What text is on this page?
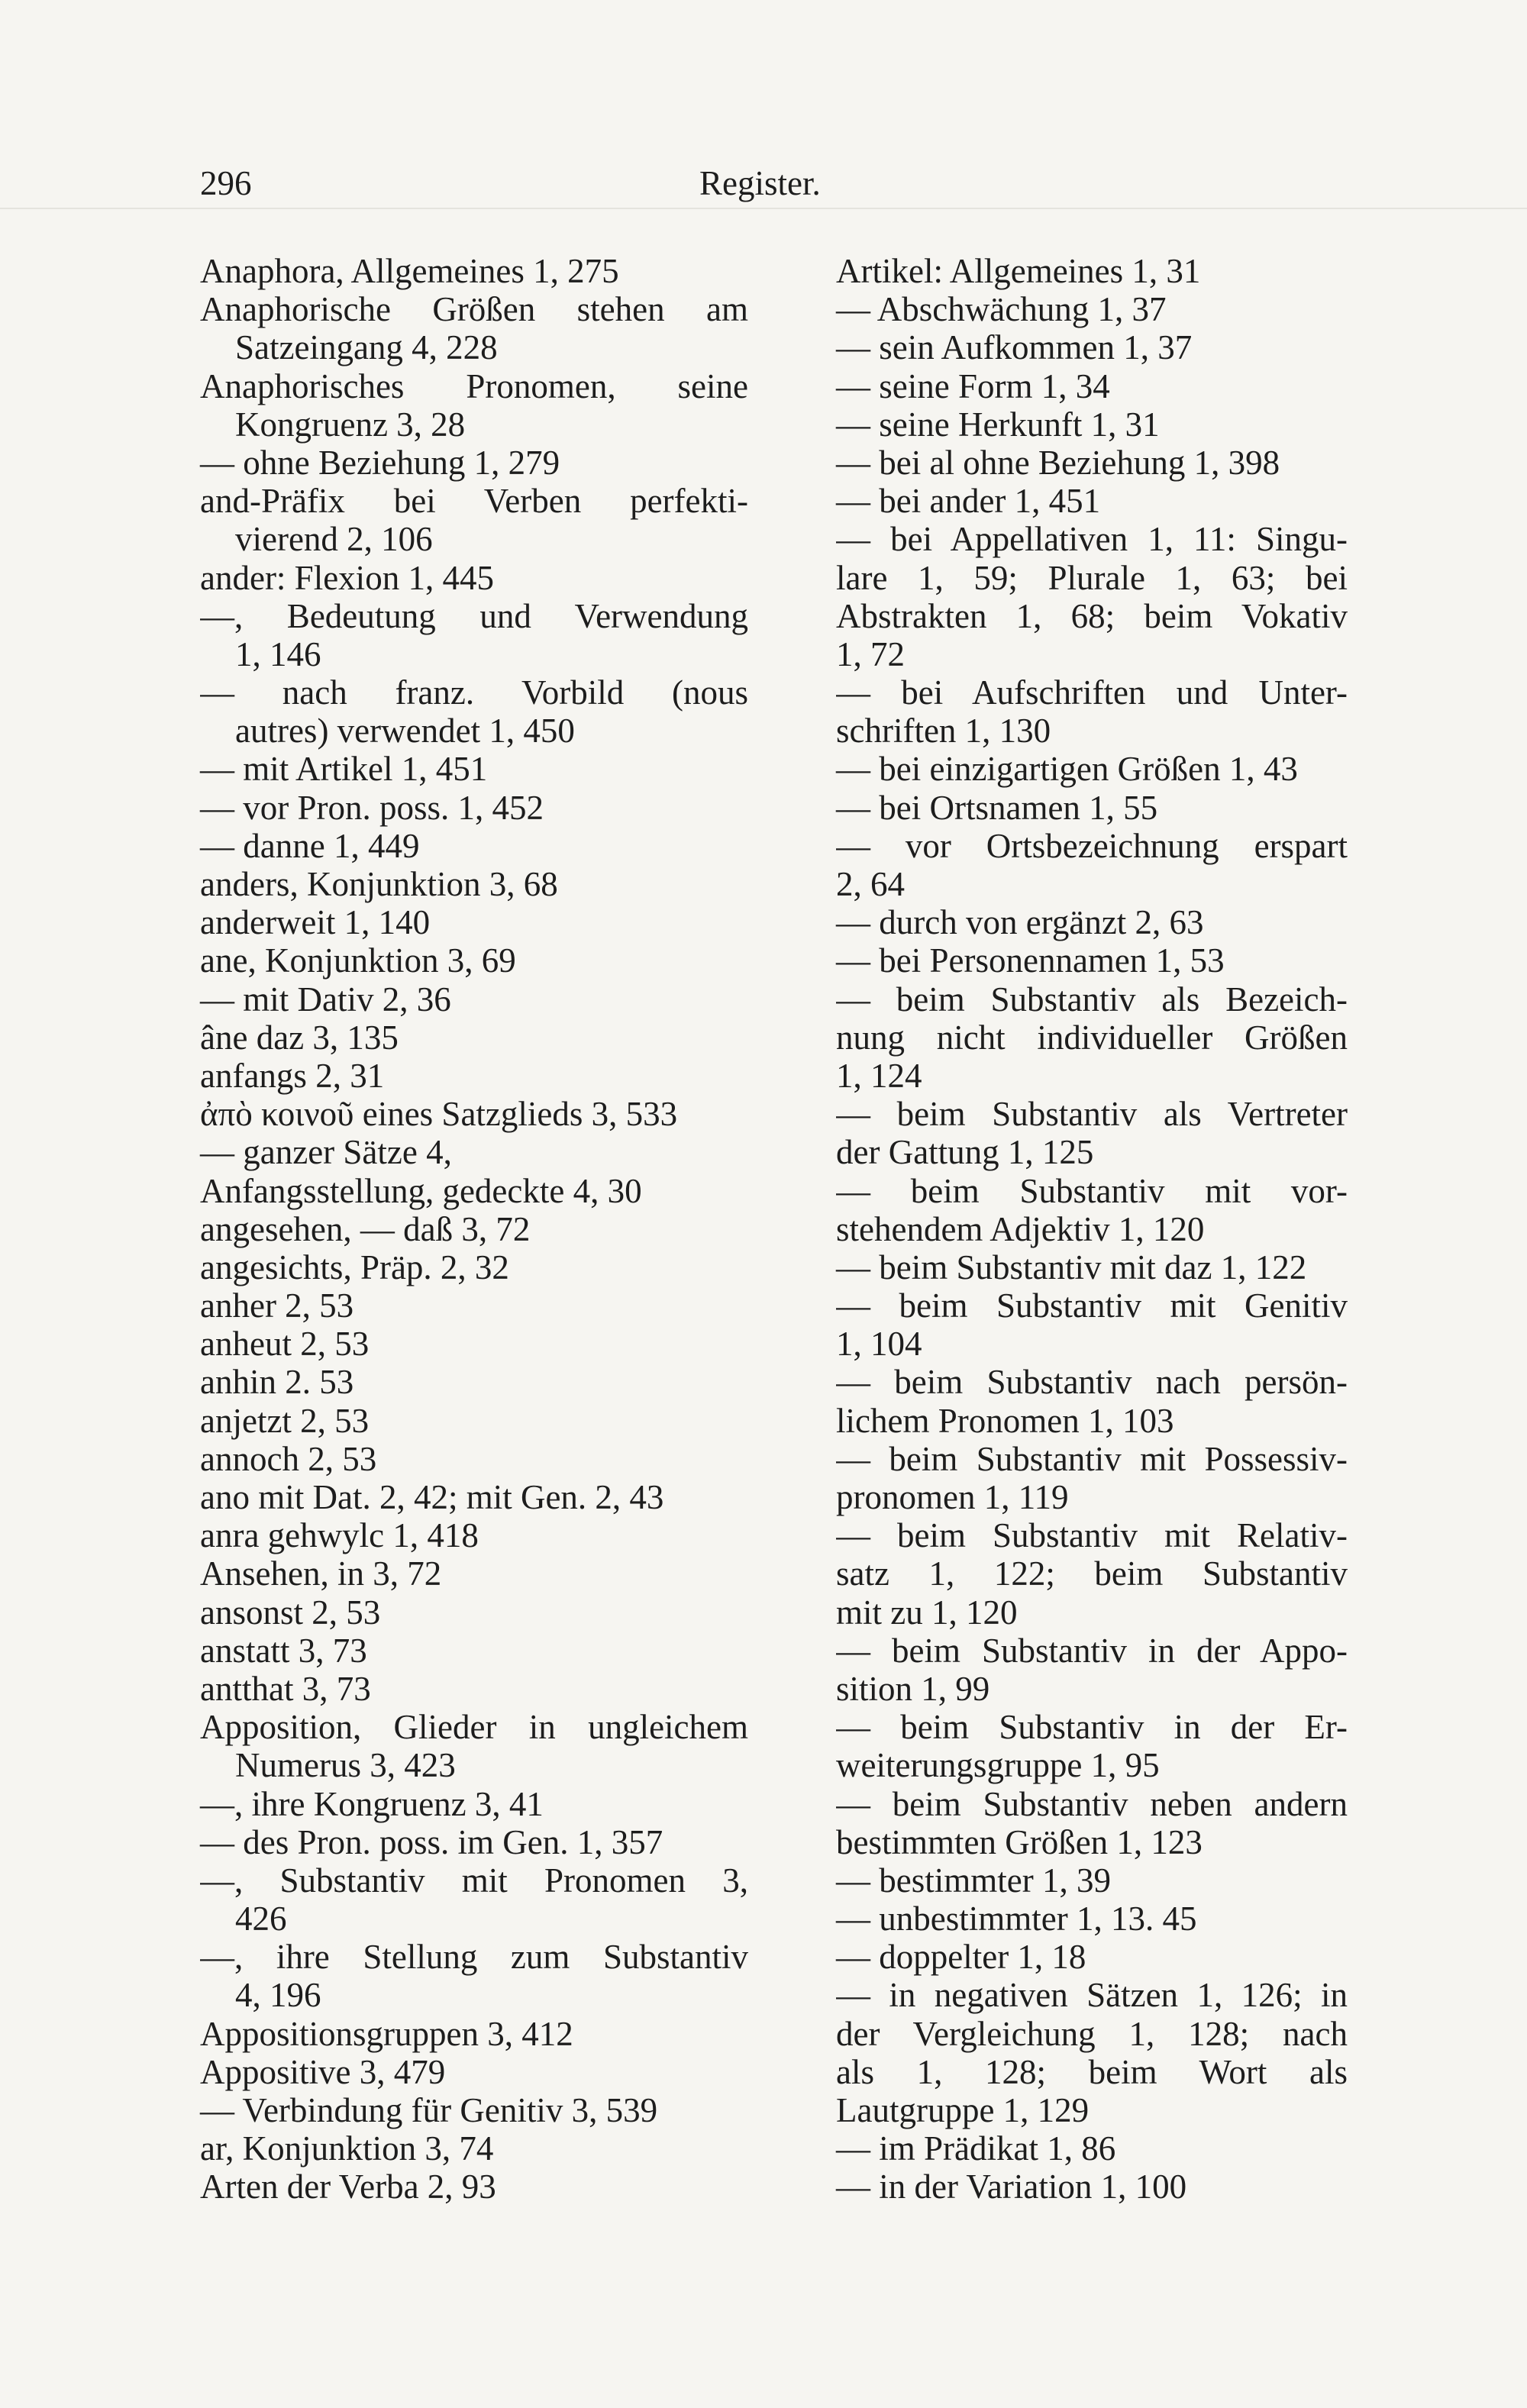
296	Register.
Anaphora, Allgemeines 1, 275
Anaphorische Größen stehen am
Satzeingang 4, 228
Anaphorisches Pronomen, seine
Kongruenz 3, 28
— ohne Beziehung 1, 279
and-Präfix bei Verben perfekti-
vierend 2, 106
ander: Flexion 1, 445
—, Bedeutung und Verwendung
1, 146
— nach franz. Vorbild (nous
autres) verwendet 1, 450
— mit Artikel 1, 451
— vor Pron. poss. 1, 452
— danne 1, 449
anders, Konjunktion 3, 68
anderweit 1, 140
ane, Konjunktion 3, 69
— mit Dativ 2, 36
âne daz 3, 135
anfangs 2, 31
ἀπὸ κοινοῦ eines Satzglieds 3, 533
— ganzer Sätze 4,
Anfangsstellung, gedeckte 4, 30
angesehen, — daß 3, 72
angesichts, Präp. 2, 32
anher 2, 53
anheut 2, 53
anhin 2. 53
anjetzt 2, 53
annoch 2, 53
ano mit Dat. 2, 42; mit Gen. 2, 43
anra gehwylc 1, 418
Ansehen, in 3, 72
ansonst 2, 53
anstatt 3, 73
antthat 3, 73
Apposition, Glieder in ungleichem
Numerus 3, 423
—, ihre Kongruenz 3, 41
— des Pron. poss. im Gen. 1, 357
—, Substantiv mit Pronomen 3,
426
—, ihre Stellung zum Substantiv
4, 196
Appositionsgruppen 3, 412
Appositive 3, 479
— Verbindung für Genitiv 3, 539
ar, Konjunktion 3, 74
Arten der Verba 2, 93
Artikel: Allgemeines 1, 31
— Abschwächung 1, 37
— sein Aufkommen 1, 37
— seine Form 1, 34
— seine Herkunft 1, 31
— bei al ohne Beziehung 1, 398
— bei ander 1, 451
— bei Appellativen 1, 11: Singu-
lare 1, 59; Plurale 1, 63; bei
Abstrakten 1, 68; beim Vokativ
1, 72
— bei Aufschriften und Unter-
schriften 1, 130
— bei einzigartigen Größen 1, 43
— bei Ortsnamen 1, 55
— vor Ortsbezeichnung erspart
2, 64
— durch von ergänzt 2, 63
— bei Personennamen 1, 53
— beim Substantiv als Bezeich-
nung nicht individueller Größen
1, 124
— beim Substantiv als Vertreter
der Gattung 1, 125
— beim Substantiv mit vor-
stehendem Adjektiv 1, 120
— beim Substantiv mit daz 1, 122
— beim Substantiv mit Genitiv
1, 104
— beim Substantiv nach persön-
lichem Pronomen 1, 103
— beim Substantiv mit Possessiv-
pronomen 1, 119
— beim Substantiv mit Relativ-
satz 1, 122; beim Substantiv
mit zu 1, 120
— beim Substantiv in der Appo-
sition 1, 99
— beim Substantiv in der Er-
weiterungsgruppe 1, 95
— beim Substantiv neben andern
bestimmten Größen 1, 123
— bestimmter 1, 39
— unbestimmter 1, 13. 45
— doppelter 1, 18
— in negativen Sätzen 1, 126; in
der Vergleichung 1, 128; nach
als 1, 128; beim Wort als
Lautgruppe 1, 129
— im Prädikat 1, 86
— in der Variation 1, 100
